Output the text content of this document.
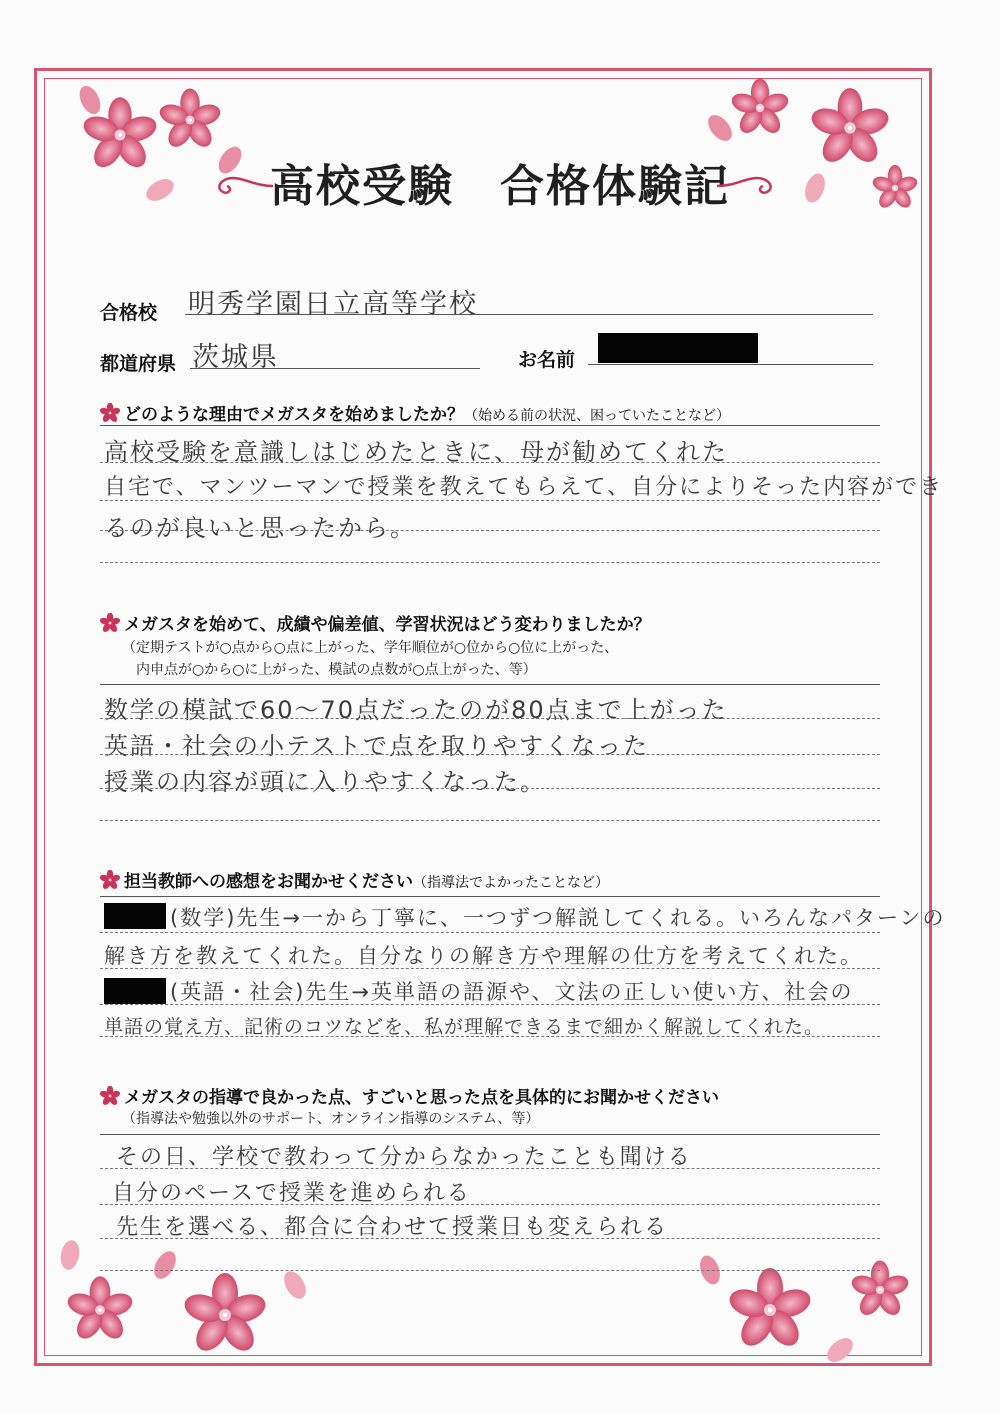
高校受験　合格体験記
合格校 明秀学園日立高等学校
都道府県 茨城県	お名前
どのような理由でメガスタを始めましたか？（始める前の状況、困っていたことなど）
高校受験を意識しはじめたときに、母が勧めてくれた
自宅で、マンツーマンで授業を教えてもらえて、自分によりそった内容ができ
るのが良いと思ったから。
メガスタを始めて、成績や偏差値、学習状況はどう変わりましたか？
（定期テストが○点から○点に上がった、学年順位が○位から○位に上がった、
内申点が○から○に上がった、模試の点数が○点上がった、等）
数学の模試で60〜70点だったのが80点まで上がった
英語・社会の小テストで点を取りやすくなった
授業の内容が頭に入りやすくなった。
担当教師への感想をお聞かせください（指導法でよかったことなど）
(数学)先生→一から丁寧に、一つずつ解説してくれる。いろんなパターンの
解き方を教えてくれた。自分なりの解き方や理解の仕方を考えてくれた。
(英語・社会)先生→英単語の語源や、文法の正しい使い方、社会の
単語の覚え方、記術のコツなどを、私が理解できるまで細かく解説してくれた。
メガスタの指導で良かった点、すごいと思った点を具体的にお聞かせください
（指導法や勉強以外のサポート、オンライン指導のシステム、等）
その日、学校で教わって分からなかったことも聞ける
自分のペースで授業を進められる
先生を選べる、都合に合わせて授業日も変えられる
